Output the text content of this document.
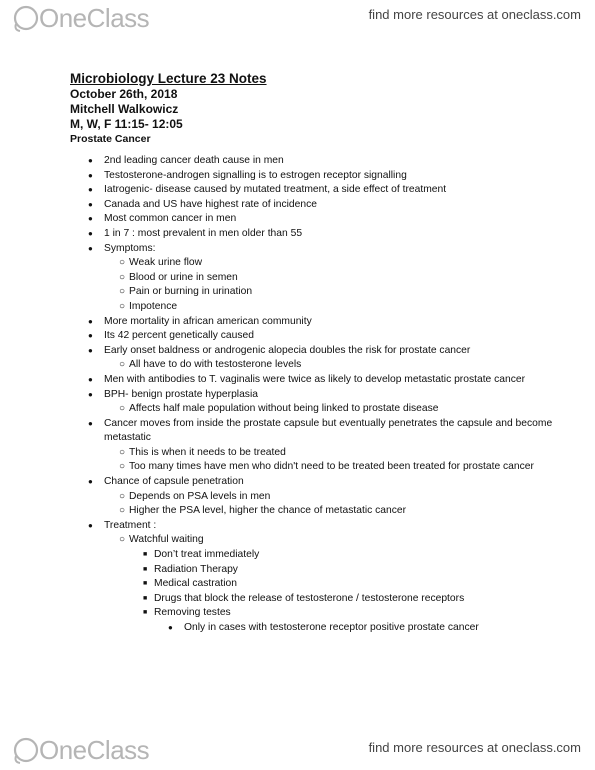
OneClass	find more resources at oneclass.com

Microbiology Lecture 23 Notes

October 26th, 2018

Mitchell Walkowicz

M, W, F 11:15- 12:05

Prostate Cancer

● 2nd leading cancer death cause in men
● Testosterone-androgen signalling is to estrogen receptor signalling
● Iatrogenic- disease caused by mutated treatment, a side effect of treatment
● Canada and US have highest rate of incidence
● Most common cancer in men
● 1 in 7 : most prevalent in men older than 55
● Symptoms:
○ Weak urine flow
○ Blood or urine in semen
○ Pain or burning in urination
○ Impotence
● More mortality in african american community
● Its 42 percent genetically caused
● Early onset baldness or androgenic alopecia doubles the risk for prostate cancer
○ All have to do with testosterone levels
● Men with antibodies to T. vaginalis were twice as likely to develop metastatic prostate cancer
● BPH- benign prostate hyperplasia
○ Affects half male population without being linked to prostate disease
● Cancer moves from inside the prostate capsule but eventually penetrates the capsule and become metastatic
○ This is when it needs to be treated
○ Too many times have men who didn't need to be treated been treated for prostate cancer
● Chance of capsule penetration
○ Depends on PSA levels in men
○ Higher the PSA level, higher the chance of metastatic cancer
● Treatment :
○ Watchful waiting
■ Don’t treat immediately
■ Radiation Therapy
■ Medical castration
■ Drugs that block the release of testosterone / testosterone receptors
■ Removing testes
● Only in cases with testosterone receptor positive prostate cancer
OneClass	find more resources at oneclass.com
